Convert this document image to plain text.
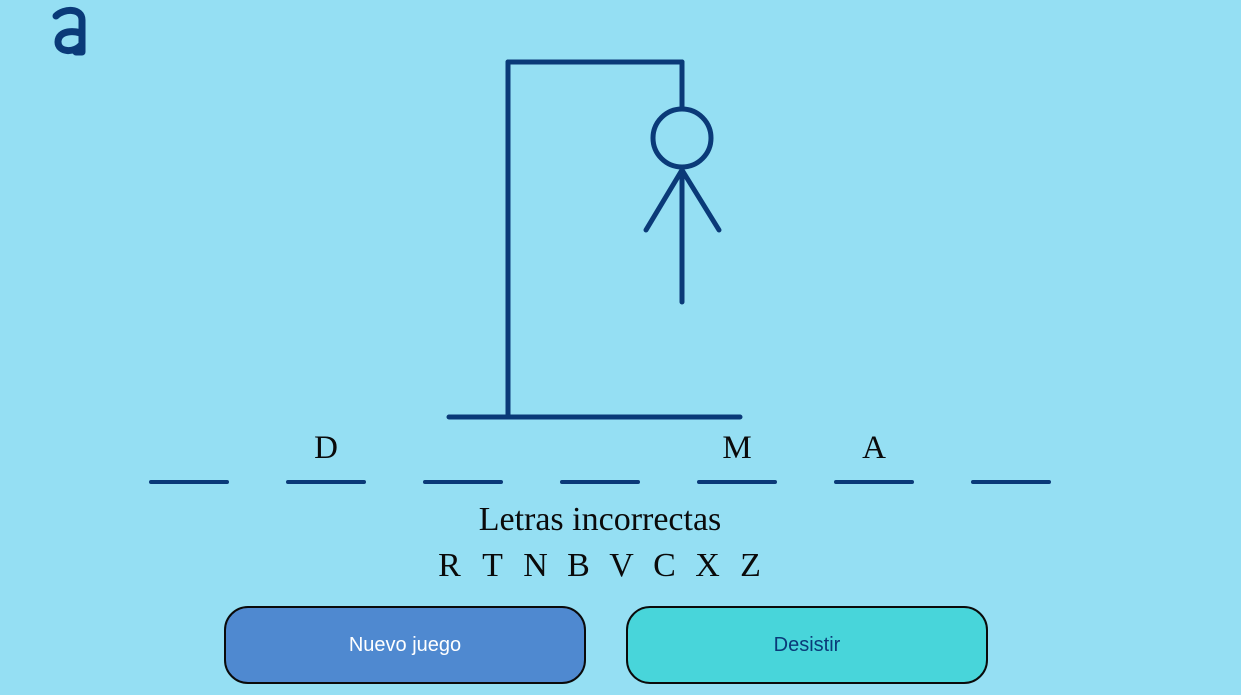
D	M	A
Letras incorrectas
R T N B V C X Z
Nuevo juego	Desistir
